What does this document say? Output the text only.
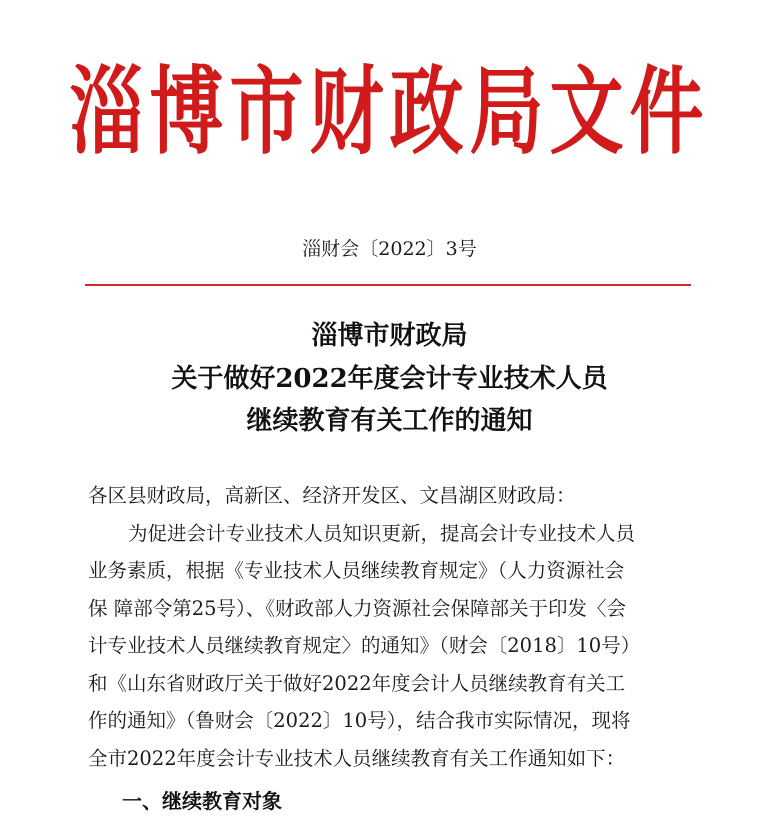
淄博市财政局文件
淄财会〔2022〕3号
淄博市财政局
关于做好2022年度会计专业技术人员
继续教育有关工作的通知
各区县财政局，高新区、经济开发区、文昌湖区财政局：
为促进会计专业技术人员知识更新，提高会计专业技术人员
业务素质，根据《专业技术人员继续教育规定》（人力资源社会
保 障部令第25号）、《财政部人力资源社会保障部关于印发〈会
计专业技术人员继续教育规定〉的通知》（财会〔2018〕10号）
和《山东省财政厅关于做好2022年度会计人员继续教育有关工
作的通知》（鲁财会〔2022〕10号），结合我市实际情况，现将
全市2022年度会计专业技术人员继续教育有关工作通知如下：
一、继续教育对象
